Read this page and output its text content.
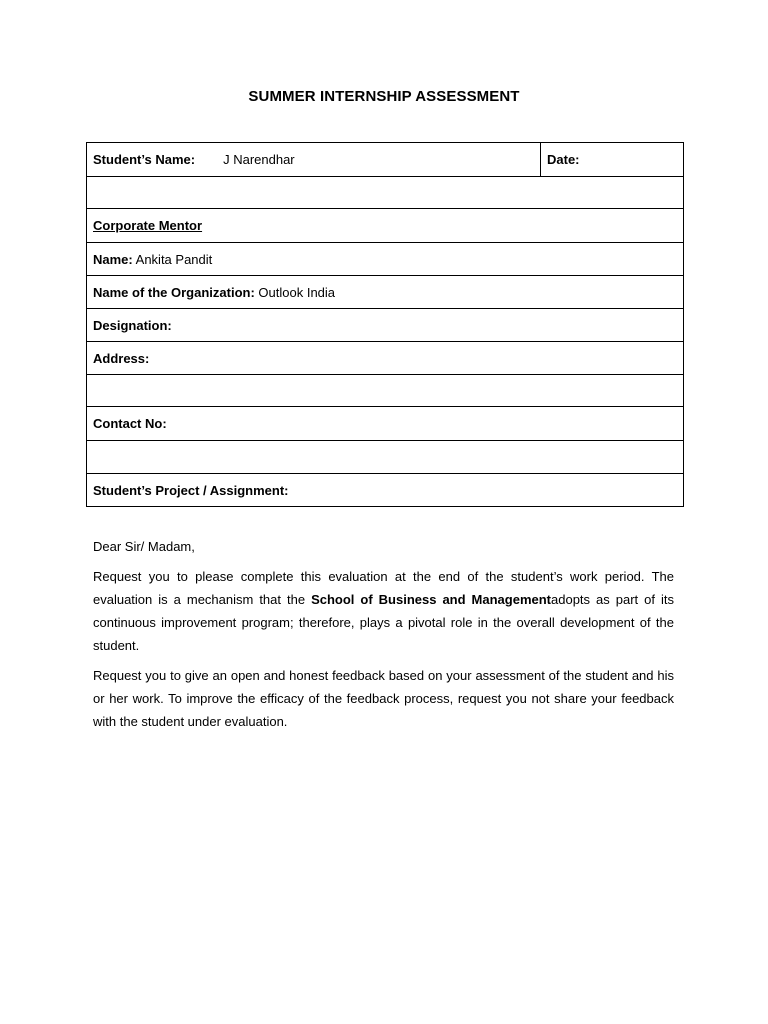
SUMMER INTERNSHIP ASSESSMENT
Student’s Name: J Narendhar	Date:

Corporate Mentor
Name: Ankita Pandit
Name of the Organization: Outlook India
Designation:
Address:

Contact No:

Student’s Project / Assignment:

Dear Sir/ Madam,

Request you to please complete this evaluation at the end of the student’s work period. The evaluation is a mechanism that the School of Business and Managementadopts as part of its continuous improvement program; therefore, plays a pivotal role in the overall development of the student.

Request you to give an open and honest feedback based on your assessment of the student and his or her work. To improve the efficacy of the feedback process, request you not share your feedback with the student under evaluation.
